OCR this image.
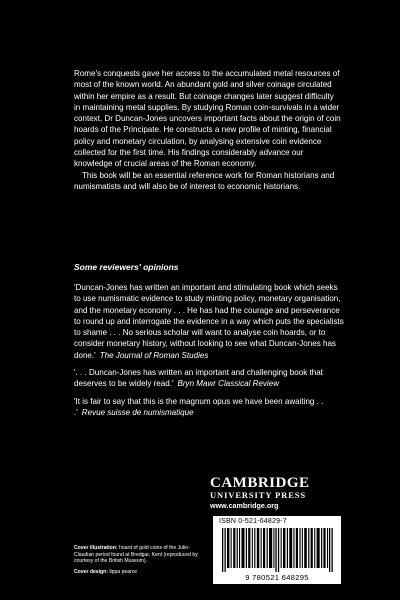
Rome's conquests gave her access to the accumulated metal resources of most of the known world. An abundant gold and silver coinage circulated within her empire as a result. But coinage changes later suggest difficulty in maintaining metal supplies. By studying Roman coin-survivals in a wider context, Dr Duncan-Jones uncovers important facts about the origin of coin hoards of the Principate. He constructs a new profile of minting, financial policy and monetary circulation, by analysing extensive coin evidence collected for the first time. His findings considerably advance our knowledge of crucial areas of the Roman economy.

This book will be an essential reference work for Roman historians and numismatists and will also be of interest to economic historians.

Some reviewers' opinions

'Duncan-Jones has written an important and stimulating book which seeks to use numismatic evidence to study minting policy, monetary organisation, and the monetary economy . . . He has had the courage and perseverance to round up and interrogate the evidence in a way which puts the specialists to shame . . . No serious scholar will want to analyse coin hoards, or to consider monetary history, without looking to see what Duncan-Jones has done.' The Journal of Roman Studies

'. . . Duncan-Jones has written an important and challenging book that deserves to be widely read.' Bryn Mawr Classical Review

'It is fair to say that this is the magnum opus we have been awaiting . . .' Revue suisse de numismatique

CAMBRIDGE
UNIVERSITY PRESS
www.cambridge.org
ISBN 0-521-64829-7
9 780521 648295

Cover illustration: hoard of gold coins of the Julio-Claudian period found at Bredgar, Kent (reproduced by courtesy of the British Museum).

Cover design: lippa pearce
